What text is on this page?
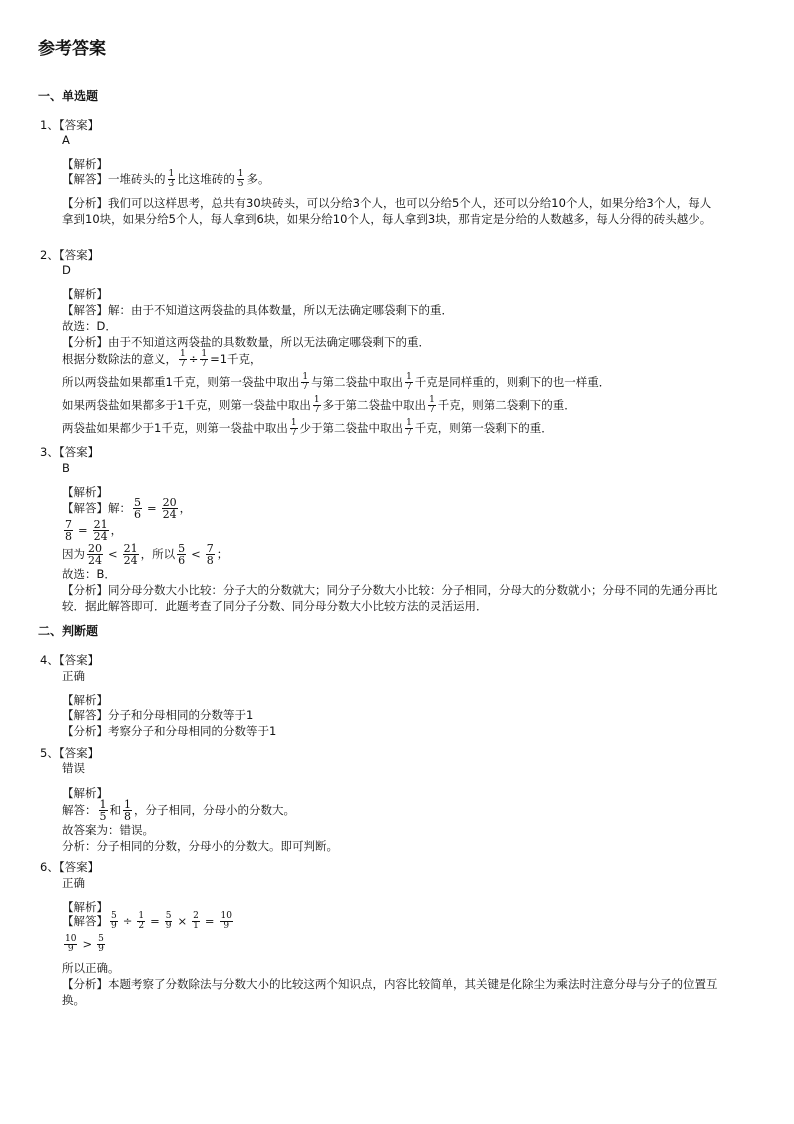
参考答案
一、单选题
1、【答案】
A
【解析】
【解答】一堆砖头的 $\frac{1}{3}$ 比这堆砖的 $\frac{1}{5}$ 多。
【分析】我们可以这样思考，总共有30块砖头，可以分给3个人，也可以分给5个人，还可以分给10个人，如果分给3个人，每人拿到10块，如果分给5个人，每人拿到6块，如果分给10个人，每人拿到3块，那肯定是分给的人数越多，每人分得的砖头越少。
2、【答案】
D
【解析】
【解答】解：由于不知道这两袋盐的具体数量，所以无法确定哪袋剩下的重．
故选：D．
【分析】由于不知道这两袋盐的具数数量，所以无法确定哪袋剩下的重．
根据分数除法的意义， $\frac{1}{7} \div \frac{1}{7} =1$千克，
所以两袋盐如果都重1千克，则第一袋盐中取出 $\frac{1}{7}$ 与第二袋盐中取出 $\frac{1}{7}$ 千克是同样重的，则剩下的也一样重．
如果两袋盐如果都多于1千克，则第一袋盐中取出 $\frac{1}{7}$ 多于第二袋盐中取出 $\frac{1}{7}$ 千克，则第二袋剩下的重．
两袋盐如果都少于1千克，则第一袋盐中取出 $\frac{1}{7}$ 少于第二袋盐中取出 $\frac{1}{7}$ 千克，则第一袋剩下的重．
3、【答案】
B
【解析】
【解答】解： $\frac{5}{6} = \frac{20}{24}$ ，
$\frac{7}{8} = \frac{21}{24}$ ，
因为 $\frac{20}{24} < \frac{21}{24}$ ，所以 $\frac{5}{6} < \frac{7}{8}$ ；
故选：B．
【分析】同分母分数大小比较：分子大的分数就大；同分子分数大小比较：分子相同，分母大的分数就小；分母不同的先通分再比较．据此解答即可．此题考查了同分子分数、同分母分数大小比较方法的灵活运用．
二、判断题
4、【答案】
正确
【解析】
【解答】分子和分母相同的分数等于1
【分析】考察分子和分母相同的分数等于1
5、【答案】
错误
【解析】
解答： $\frac{1}{5}$ 和 $\frac{1}{8}$ ，分子相同，分母小的分数大。
故答案为：错误。
分析：分子相同的分数，分母小的分数大。即可判断。
6、【答案】
正确
【解析】
【解答】 $\frac{5}{9} \div \frac{1}{2} = \frac{5}{9} \times \frac{2}{1} = \frac{10}{9}$
$\frac{10}{9} > \frac{5}{9}$
所以正确。
【分析】本题考察了分数除法与分数大小的比较这两个知识点，内容比较简单，其关键是化除尘为乘法时注意分母与分子的位置互换。
